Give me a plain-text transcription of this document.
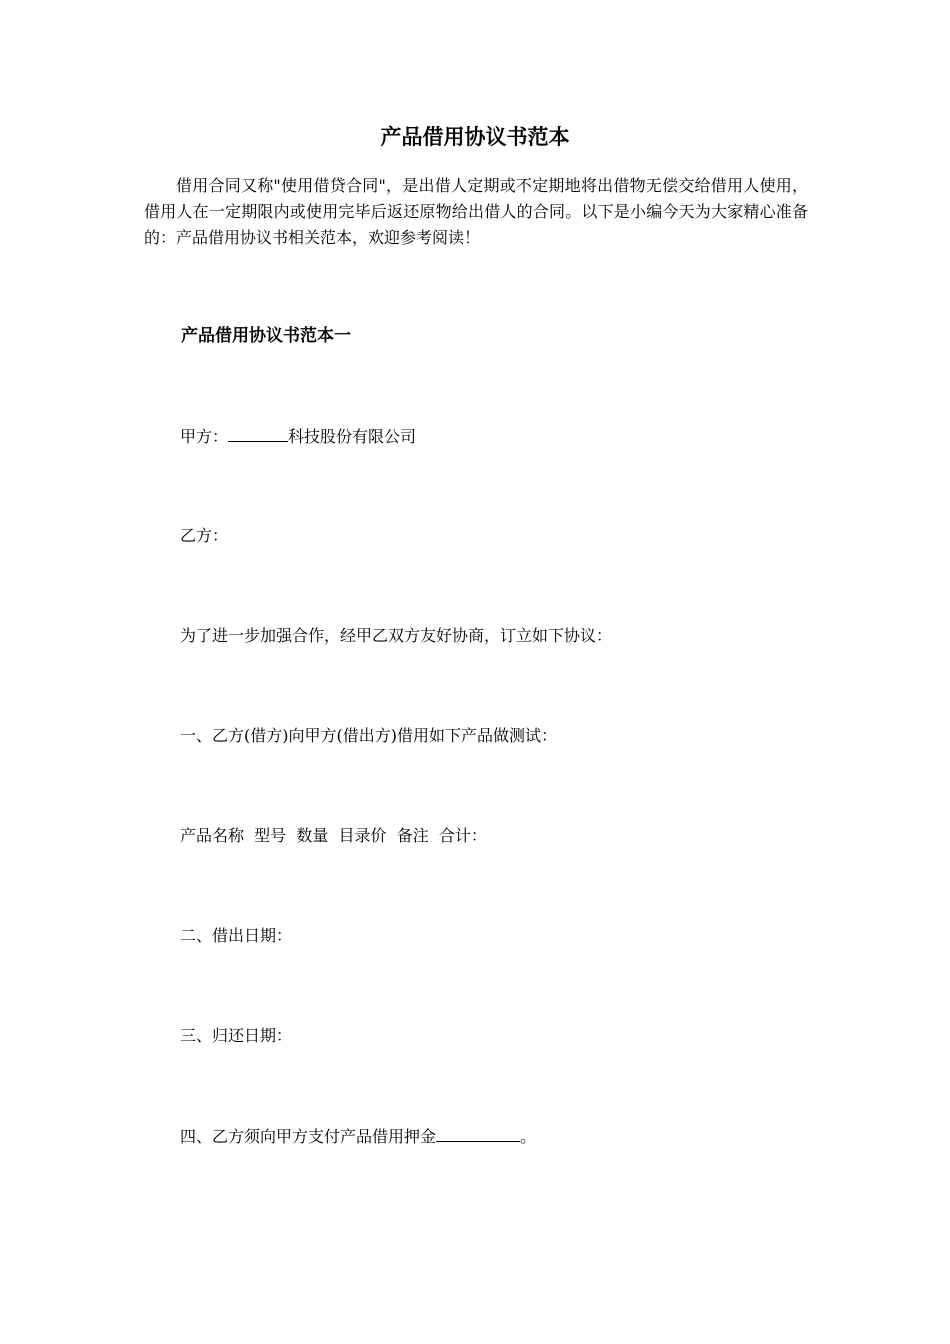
产品借用协议书范本
借用合同又称"使用借贷合同"，是出借人定期或不定期地将出借物无偿交给借用人使用，借用人在一定期限内或使用完毕后返还原物给出借人的合同。以下是小编今天为大家精心准备的：产品借用协议书相关范本，欢迎参考阅读！
产品借用协议书范本一
甲方：	科技股份有限公司
乙方：
为了进一步加强合作，经甲乙双方友好协商，订立如下协议：
一、乙方(借方)向甲方(借出方)借用如下产品做测试：
产品名称  型号  数量  目录价  备注  合计：
二、借出日期：
三、归还日期：
四、乙方须向甲方支付产品借用押金	。
